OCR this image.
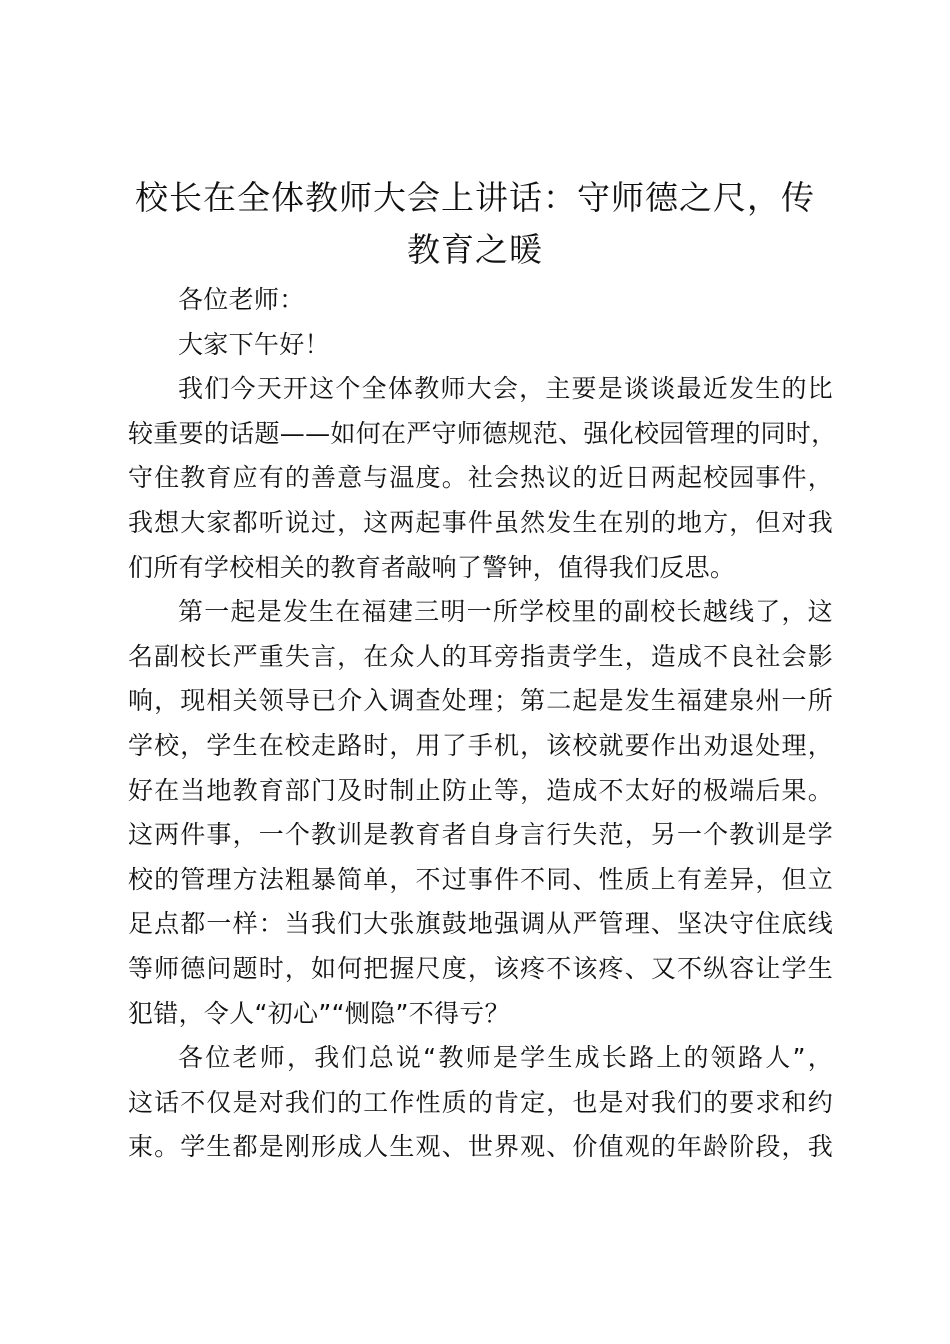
校长在全体教师大会上讲话：守师德之尺，传
教育之暖
各位老师：
大家下午好！
我们今天开这个全体教师大会，主要是谈谈最近发生的比
较重要的话题——如何在严守师德规范、强化校园管理的同时，
守住教育应有的善意与温度。社会热议的近日两起校园事件，
我想大家都听说过，这两起事件虽然发生在别的地方，但对我
们所有学校相关的教育者敲响了警钟，值得我们反思。
第一起是发生在福建三明一所学校里的副校长越线了，这
名副校长严重失言，在众人的耳旁指责学生，造成不良社会影
响，现相关领导已介入调查处理；第二起是发生福建泉州一所
学校，学生在校走路时，用了手机，该校就要作出劝退处理，
好在当地教育部门及时制止防止等，造成不太好的极端后果。
这两件事，一个教训是教育者自身言行失范，另一个教训是学
校的管理方法粗暴简单，不过事件不同、性质上有差异，但立
足点都一样：当我们大张旗鼓地强调从严管理、坚决守住底线
等师德问题时，如何把握尺度，该疼不该疼、又不纵容让学生
犯错，令人“初心”“恻隐”不得亏？
各位老师，我们总说“教师是学生成长路上的领路人”，
这话不仅是对我们的工作性质的肯定，也是对我们的要求和约
束。学生都是刚形成人生观、世界观、价值观的年龄阶段，我
